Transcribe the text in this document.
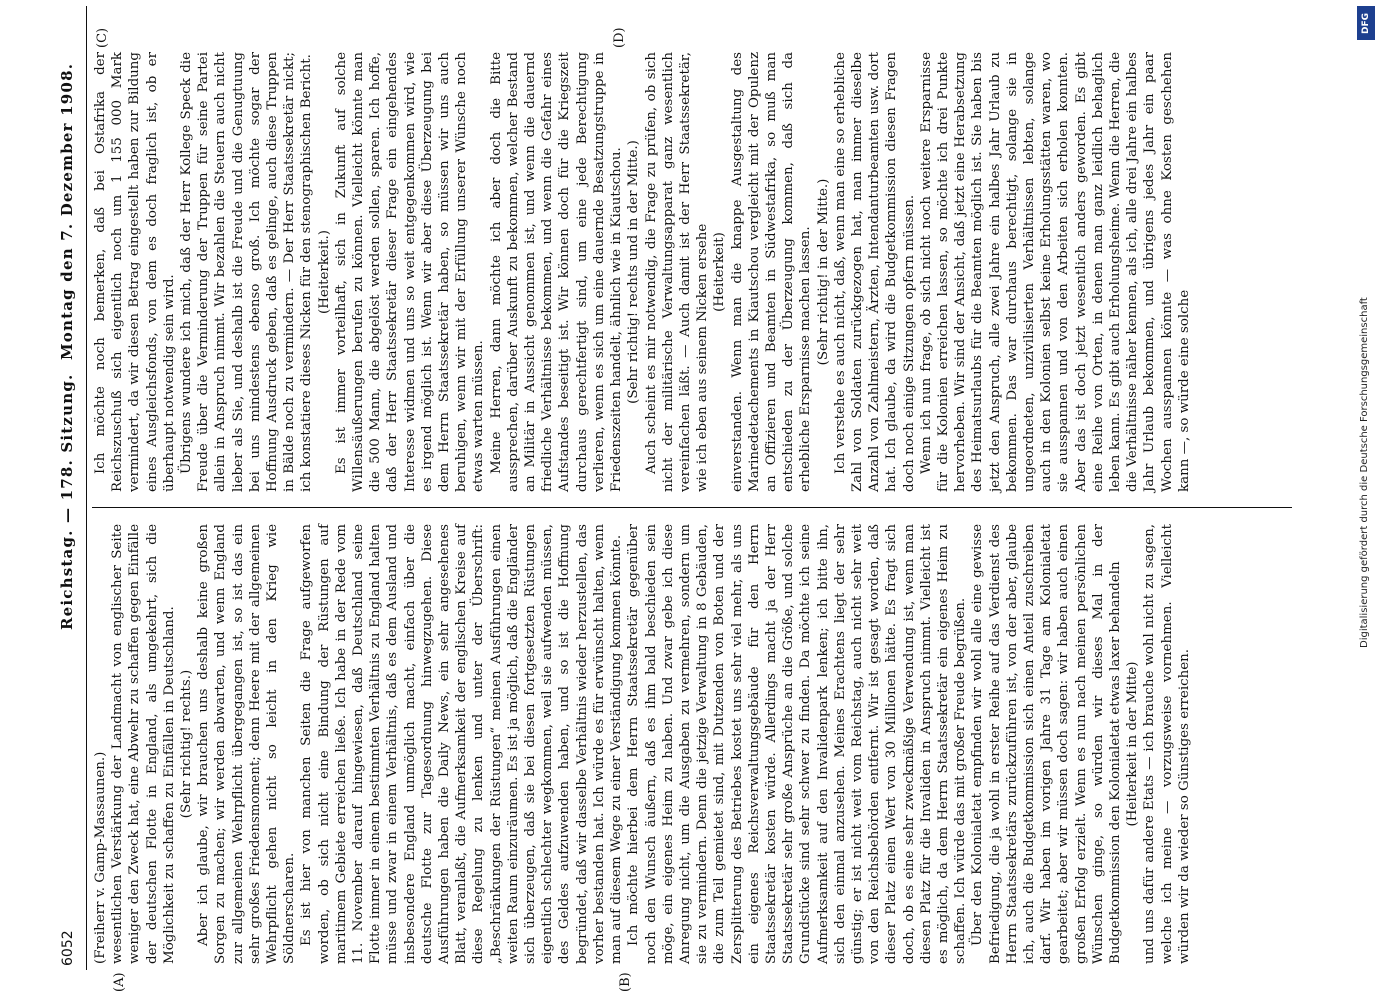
DFG
Digitalisierung gefördert durch die Deutsche Forschungsgemeinschaft
6052
Reichstag. — 178. Sitzung.
Montag den 7. Dezember 1908.
(A)	(B)
(C)	(D)

(Freiherr v. Gamp-Massaunen.) wesentlichen Verstärkung der Landmacht von englischer Seite weniger den Zweck hat, eine Abwehr zu schaffen gegen Einfälle der deutschen Flotte in England, als umgekehrt, sich die Möglichkeit zu schaffen zu Einfällen in Deutschland. (Sehr richtig! rechts.) Aber ich glaube, wir brauchen uns deshalb keine großen Sorgen zu machen; wir werden abwarten, und wenn England zur allgemeinen Wehrpflicht übergegangen ist, so ist das ein sehr großes Friedensmoment; denn Heere mit der allgemeinen Wehrpflicht gehen nicht so leicht in den Krieg wie Söldnerscharen. Es ist hier von manchen Seiten die Frage aufgeworfen worden, ob sich nicht eine Bindung der Rüstungen auf maritimem Gebiete erreichen ließe. Ich habe in der Rede vom 11. November darauf hingewiesen, daß Deutschland seine Flotte immer in einem bestimmten Verhältnis zu England halten müsse und zwar in einem Verhältnis, daß es dem Ausland und insbesondere England unmöglich macht, einfach über die deutsche Flotte zur Tagesordnung hinwegzugehen. Diese Ausführungen haben die Daily News, ein sehr angesehenes Blatt, veranlaßt, die Aufmerksamkeit der englischen Kreise auf diese Regelung zu lenken und unter der Überschrift: „Beschränkungen der Rüstungen“ meinen Ausführungen einen weiten Raum einzuräumen. Es ist ja möglich, daß die Engländer sich überzeugen, daß sie bei diesen fortgesetzten Rüstungen eigentlich schlechter wegkommen, weil sie aufwenden müssen, des Geldes aufzuwenden haben, und so ist die Hoffnung begründet, daß wir dasselbe Verhältnis wieder herzustellen, das vorher bestanden hat. Ich würde es für erwünscht halten, wenn man auf diesem Wege zu einer Verständigung kommen könnte. Ich möchte hierbei dem Herrn Staatssekretär gegenüber noch den Wunsch äußern, daß es ihm bald beschieden sein möge, ein eigenes Heim zu haben. Und zwar gebe ich diese Anregung nicht, um die Ausgaben zu vermehren, sondern um sie zu vermindern. Denn die jetzige Verwaltung in 8 Gebäuden, die zum Teil gemietet sind, mit Dutzenden von Boten und der Zersplitterung des Betriebes kostet uns sehr viel mehr, als uns ein eigenes Reichsverwaltungsgebäude für den Herrn Staatssekretär kosten würde. Allerdings macht ja der Herr Staatssekretär sehr große Ansprüche an die Größe, und solche Grundstücke sind sehr schwer zu finden. Da möchte ich seine Aufmerksamkeit auf den Invalidenpark lenken; ich bitte ihn, sich den einmal anzusehen. Meines Erachtens liegt der sehr günstig; er ist nicht weit vom Reichstag, auch nicht sehr weit von den Reichsbehörden entfernt. Wir ist gesagt worden, daß dieser Platz einen Wert von 30 Millionen hätte. Es fragt sich doch, ob es eine sehr zweckmäßige Verwendung ist, wenn man diesen Platz für die Invaliden in Anspruch nimmt. Vielleicht ist es möglich, da dem Herrn Staatssekretär ein eigenes Heim zu schaffen. Ich würde das mit großer Freude begrüßen. Über den Kolonialetat empfinden wir wohl alle eine gewisse Befriedigung, die ja wohl in erster Reihe auf das Verdienst des Herrn Staatssekretärs zurückzuführen ist, von der aber, glaube ich, auch die Budgetkommission sich einen Anteil zuschreiben darf. Wir haben im vorigen Jahre 31 Tage am Kolonialetat gearbeitet; aber wir müssen doch sagen: wir haben auch einen großen Erfolg erzielt. Wenn es nun nach meinen persönlichen Wünschen ginge, so würden wir dieses Mal in der Budgetkommission den Kolonialetat etwas laxer behandeln (Heiterkeit in der Mitte) und uns dafür andere Etats — ich brauche wohl nicht zu sagen, welche ich meine — vorzugsweise vornehmen. Vielleicht würden wir da wieder so Günstiges erreichen.

Ich möchte noch bemerken, daß bei Ostafrika der Reichszuschuß sich eigentlich noch um 1 155 000 Mark vermindert, da wir diesen Betrag eingestellt haben zur Bildung eines Ausgleichsfonds, von dem es doch fraglich ist, ob er überhaupt notwendig sein wird. Übrigens wundere ich mich, daß der Herr Kollege Speck die Freude über die Verminderung der Truppen für seine Partei allein in Anspruch nimmt. Wir bezahlen die Steuern auch nicht lieber als Sie, und deshalb ist die Freude und die Genugtuung bei uns mindestens ebenso groß. Ich möchte sogar der Hoffnung Ausdruck geben, daß es gelinge, auch diese Truppen in Bälde noch zu vermindern. — Der Herr Staatssekretär nickt; ich konstatiere dieses Nicken für den stenographischen Bericht. (Heiterkeit.) Es ist immer vorteilhaft, sich in Zukunft auf solche Willensäußerungen berufen zu können. Vielleicht könnte man die 500 Mann, die abgelöst werden sollen, sparen. Ich hoffe, daß der Herr Staatssekretär dieser Frage ein eingehendes Interesse widmen und uns so weit entgegenkommen wird, wie es irgend möglich ist. Wenn wir aber diese Überzeugung bei dem Herrn Staatssekretär haben, so müssen wir uns auch beruhigen, wenn wir mit der Erfüllung unserer Wünsche noch etwas warten müssen. Meine Herren, dann möchte ich aber doch die Bitte aussprechen, darüber Auskunft zu bekommen, welcher Bestand an Militär in Aussicht genommen ist, und wenn die dauernd friedliche Verhältnisse bekommen, und wenn die Gefahr eines Aufstandes beseitigt ist. Wir können doch für die Kriegszeit durchaus gerechtfertigt sind, um eine jede Berechtigung verlieren, wenn es sich um eine dauernde Besatzungstruppe in Friedenszeiten handelt, ähnlich wie in Kiautschou. (Sehr richtig! rechts und in der Mitte.) Auch scheint es mir notwendig, die Frage zu prüfen, ob sich nicht der militärische Verwaltungsapparat ganz wesentlich vereinfachen läßt. — Auch damit ist der Herr Staatssekretär, wie ich eben aus seinem Nicken ersehe (Heiterkeit) einverstanden. Wenn man die knappe Ausgestaltung des Marinedetachements in Kiautschou vergleicht mit der Opulenz an Offizieren und Beamten in Südwestafrika, so muß man entschieden zu der Überzeugung kommen, daß sich da erhebliche Ersparnisse machen lassen. (Sehr richtig! in der Mitte.) Ich verstehe es auch nicht, daß, wenn man eine so erhebliche Zahl von Soldaten zurückgezogen hat, man immer dieselbe Anzahl von Zahlmeistern, Ärzten, Intendanturbeamten usw. dort hat. Ich glaube, da wird die Budgetkommission diesen Fragen doch noch einige Sitzungen opfern müssen. Wenn ich nun frage, ob sich nicht noch weitere Ersparnisse für die Kolonien erreichen lassen, so möchte ich drei Punkte hervorheben. Wir sind der Ansicht, daß jetzt eine Herabsetzung des Heimatsurlaubs für die Beamten möglich ist. Sie haben bis jetzt den Anspruch, alle zwei Jahre ein halbes Jahr Urlaub zu bekommen. Das war durchaus berechtigt, solange sie in ungeordneten, unzivilisierten Verhältnissen lebten, solange auch in den Kolonien selbst keine Erholungsstätten waren, wo sie ausspannen und von den Arbeiten sich erholen konnten. Aber das ist doch jetzt wesentlich anders geworden. Es gibt eine Reihe von Orten, in denen man ganz leidlich behaglich leben kann. Es gibt auch Erholungsheime. Wenn die Herren, die die Verhältnisse näher kennen, als ich, alle drei Jahre ein halbes Jahr Urlaub bekommen, und übrigens jedes Jahr ein paar Wochen ausspannen könnte — was ohne Kosten geschehen kann —, so würde eine solche
